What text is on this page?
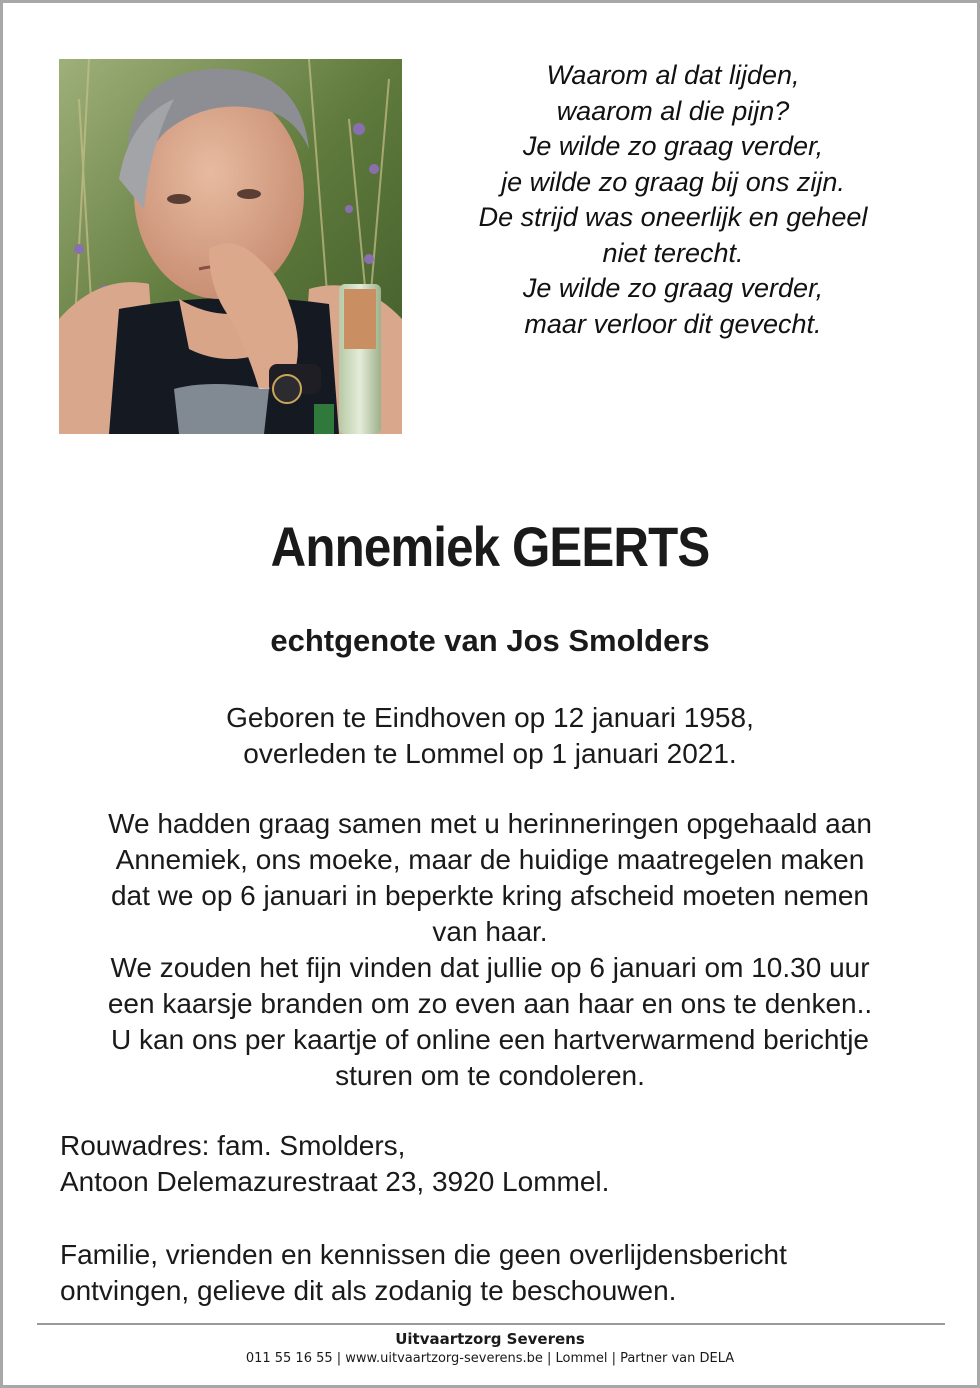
Waarom al dat lijden,
waarom al die pijn?
Je wilde zo graag verder,
je wilde zo graag bij ons zijn.
De strijd was oneerlijk en geheel
niet terecht.
Je wilde zo graag verder,
maar verloor dit gevecht.
Annemiek GEERTS
echtgenote van Jos Smolders
Geboren te Eindhoven op 12 januari 1958,
overleden te Lommel op 1 januari 2021.
We hadden graag samen met u herinneringen opgehaald aan
Annemiek, ons moeke, maar de huidige maatregelen maken
dat we op 6 januari in beperkte kring afscheid moeten nemen
van haar.
We zouden het fijn vinden dat jullie op 6 januari om 10.30 uur
een kaarsje branden om zo even aan haar en ons te denken..
U kan ons per kaartje of online een hartverwarmend berichtje
sturen om te condoleren.
Rouwadres: fam. Smolders,
Antoon Delemazurestraat 23, 3920 Lommel.
Familie, vrienden en kennissen die geen overlijdensbericht
ontvingen, gelieve dit als zodanig te beschouwen.
Uitvaartzorg Severens
011 55 16 55 | www.uitvaartzorg-severens.be | Lommel | Partner van DELA
